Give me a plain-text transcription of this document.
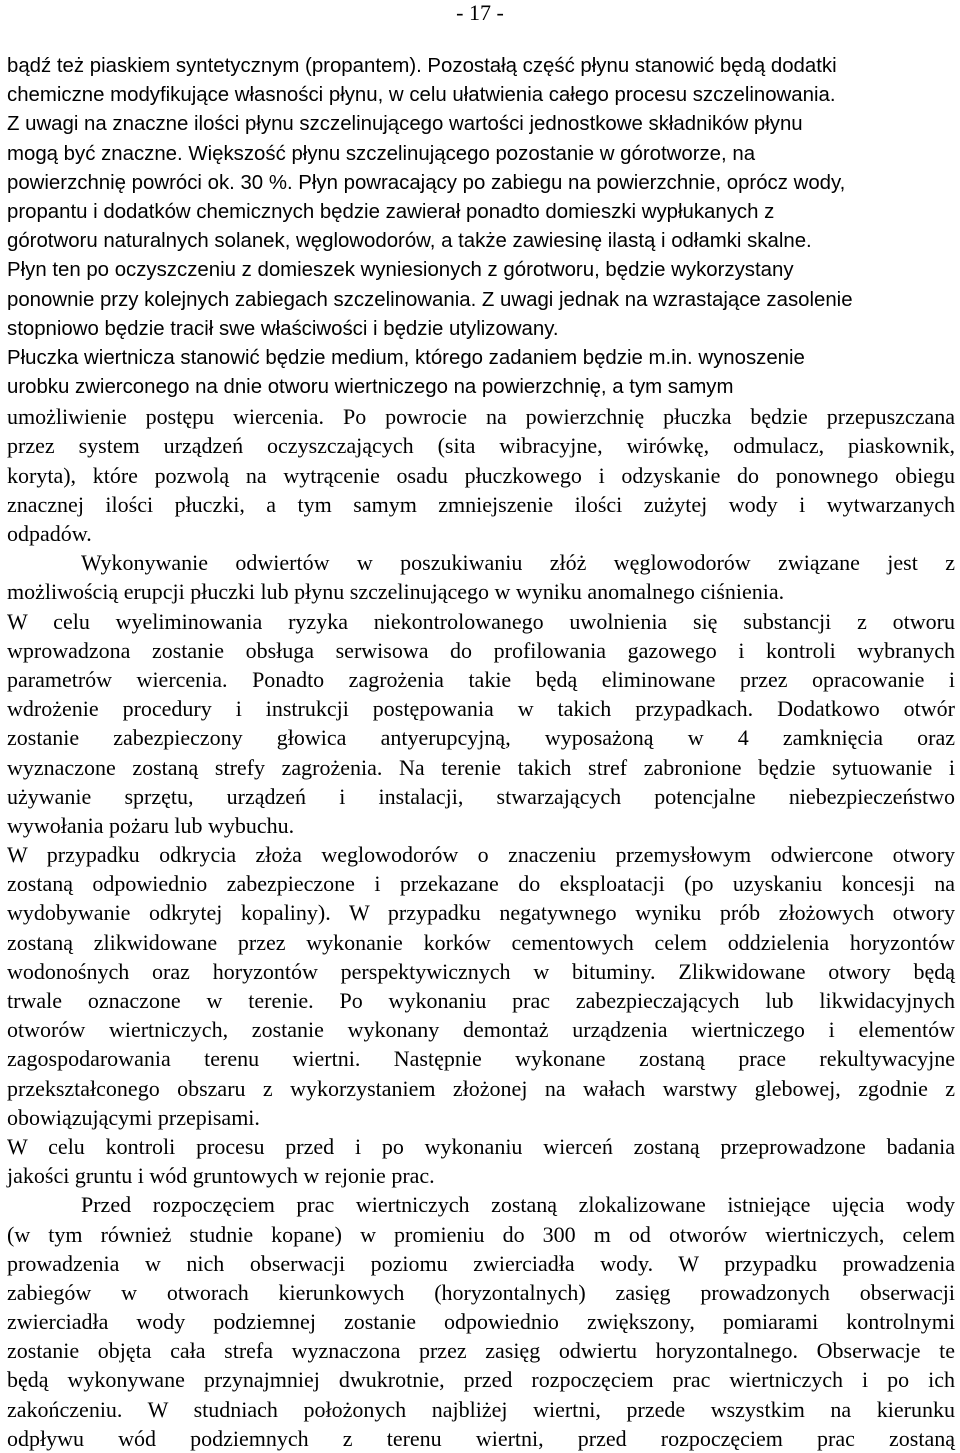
- 17 -
bądź też piaskiem syntetycznym (propantem). Pozostałą część płynu stanowić będą dodatki
chemiczne modyfikujące własności płynu, w celu ułatwienia całego procesu szczelinowania.
Z uwagi na znaczne ilości płynu szczelinującego wartości jednostkowe składników płynu
mogą być znaczne. Większość płynu szczelinującego pozostanie w górotworze, na
powierzchnię powróci ok. 30 %. Płyn powracający po zabiegu na powierzchnie, oprócz wody,
propantu i dodatków chemicznych będzie zawierał ponadto domieszki wypłukanych z
górotworu naturalnych solanek, węglowodorów, a także zawiesinę ilastą i odłamki skalne.
Płyn ten po oczyszczeniu z domieszek wyniesionych z górotworu, będzie wykorzystany
ponownie przy kolejnych zabiegach szczelinowania. Z uwagi jednak na wzrastające zasolenie
stopniowo będzie tracił swe właściwości i będzie utylizowany.
Płuczka wiertnicza stanowić będzie medium, którego zadaniem będzie m.in. wynoszenie
urobku zwierconego na dnie otworu wiertniczego na powierzchnię, a tym samym
umożliwienie postępu wiercenia. Po powrocie na powierzchnię płuczka będzie przepuszczana
przez system urządzeń oczyszczających (sita wibracyjne, wirówkę, odmulacz, piaskownik,
koryta), które pozwolą na wytrącenie osadu płuczkowego i odzyskanie do ponownego obiegu
znacznej ilości płuczki, a tym samym zmniejszenie ilości zużytej wody i wytwarzanych
odpadów.
Wykonywanie odwiertów w poszukiwaniu złóż węglowodorów związane jest z
możliwością erupcji płuczki lub płynu szczelinującego w wyniku anomalnego ciśnienia.
W celu wyeliminowania ryzyka niekontrolowanego uwolnienia się substancji z otworu
wprowadzona zostanie obsługa serwisowa do profilowania gazowego i kontroli wybranych
parametrów wiercenia. Ponadto zagrożenia takie będą eliminowane przez opracowanie i
wdrożenie procedury i instrukcji postępowania w takich przypadkach. Dodatkowo otwór
zostanie zabezpieczony głowica antyerupcyjną, wyposażoną w 4 zamknięcia oraz
wyznaczone zostaną strefy zagrożenia. Na terenie takich stref zabronione będzie sytuowanie i
używanie sprzętu, urządzeń i instalacji, stwarzających potencjalne niebezpieczeństwo
wywołania pożaru lub wybuchu.
W przypadku odkrycia złoża weglowodorów o znaczeniu przemysłowym odwiercone otwory
zostaną odpowiednio zabezpieczone i przekazane do eksploatacji (po uzyskaniu koncesji na
wydobywanie odkrytej kopaliny). W przypadku negatywnego wyniku prób złożowych otwory
zostaną zlikwidowane przez wykonanie korków cementowych celem oddzielenia horyzontów
wodonośnych oraz horyzontów perspektywicznych w bituminy. Zlikwidowane otwory będą
trwale oznaczone w terenie. Po wykonaniu prac zabezpieczających lub likwidacyjnych
otworów wiertniczych, zostanie wykonany demontaż urządzenia wiertniczego i elementów
zagospodarowania terenu wiertni. Następnie wykonane zostaną prace rekultywacyjne
przekształconego obszaru z wykorzystaniem złożonej na wałach warstwy glebowej, zgodnie z
obowiązującymi przepisami.
W celu kontroli procesu przed i po wykonaniu wierceń zostaną przeprowadzone badania
jakości gruntu i wód gruntowych w rejonie prac.
Przed rozpoczęciem prac wiertniczych zostaną zlokalizowane istniejące ujęcia wody
(w tym również studnie kopane) w promieniu do 300 m od otworów wiertniczych, celem
prowadzenia w nich obserwacji poziomu zwierciadła wody. W przypadku prowadzenia
zabiegów w otworach kierunkowych (horyzontalnych) zasięg prowadzonych obserwacji
zwierciadła wody podziemnej zostanie odpowiednio zwiększony, pomiarami kontrolnymi
zostanie objęta cała strefa wyznaczona przez zasięg odwiertu horyzontalnego. Obserwacje te
będą wykonywane przynajmniej dwukrotnie, przed rozpoczęciem prac wiertniczych i po ich
zakończeniu. W studniach położonych najbliżej wiertni, przede wszystkim na kierunku
odpływu wód podziemnych z terenu wiertni, przed rozpoczęciem prac zostaną
